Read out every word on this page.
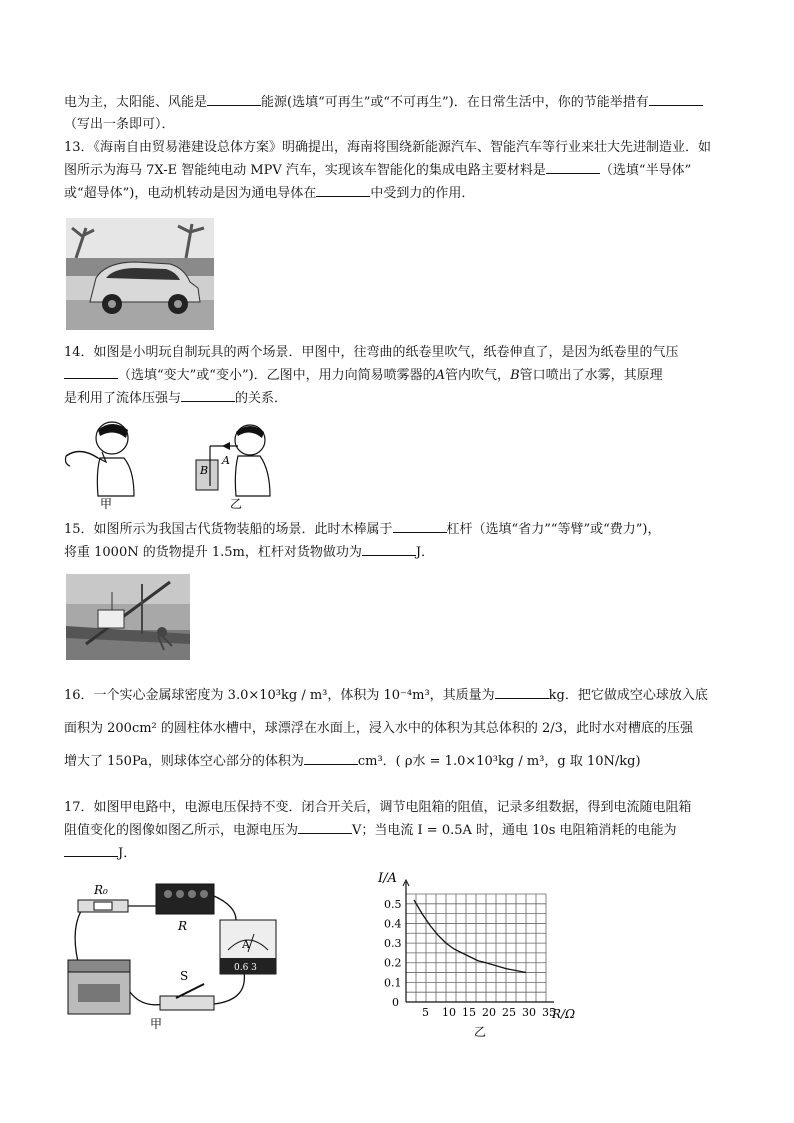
电为主，太阳能、风能是	能源(选填“可再生”或“不可再生”)．在日常生活中，你的节能举措有
（写出一条即可）．
13．《海南自由贸易港建设总体方案》明确提出，海南将围绕新能源汽车、智能汽车等行业来壮大先进制造业．如
图所示为海马 7X-E 智能纯电动 MPV 汽车，实现该车智能化的集成电路主要材料是	（选填“半导体”
或“超导体”)，电动机转动是因为通电导体在	中受到力的作用．
14．如图是小明玩自制玩具的两个场景．甲图中，往弯曲的纸卷里吹气，纸卷伸直了，是因为纸卷里的气压
（选填“变大”或“变小”)．乙图中，用力向简易喷雾器的A管内吹气，B管口喷出了水雾，其原理
是利用了流体压强与	的关系．
A
B
甲	乙
15．如图所示为我国古代货物装船的场景．此时木棒属于	杠杆（选填“省力”“等臂”或“费力”)，
将重 1000N 的货物提升 1.5m，杠杆对货物做功为	J．
16．一个实心金属球密度为 3.0×10³kg / m³，体积为 10⁻⁴m³，其质量为	kg．把它做成空心球放入底
面积为 200cm² 的圆柱体水槽中，球漂浮在水面上，浸入水中的体积为其总体积的 2/3，此时水对槽底的压强
增大了 150Pa，则球体空心部分的体积为	cm³．( ρ水 = 1.0×10³kg / m³，g 取 10N/kg)
17．如图甲电路中，电源电压保持不变．闭合开关后，调节电阻箱的阻值，记录多组数据，得到电流随电阻箱
阻值变化的图像如图乙所示，电源电压为	V；当电流 I = 0.5A 时，通电 10s 电阻箱消耗的电能为
J．
R₀
R
A
0.6 3
S
甲
5 10 15 20 25 30 35
0.5
0.4
0.3
0.2
0.1
0
I/A
R/Ω
乙
